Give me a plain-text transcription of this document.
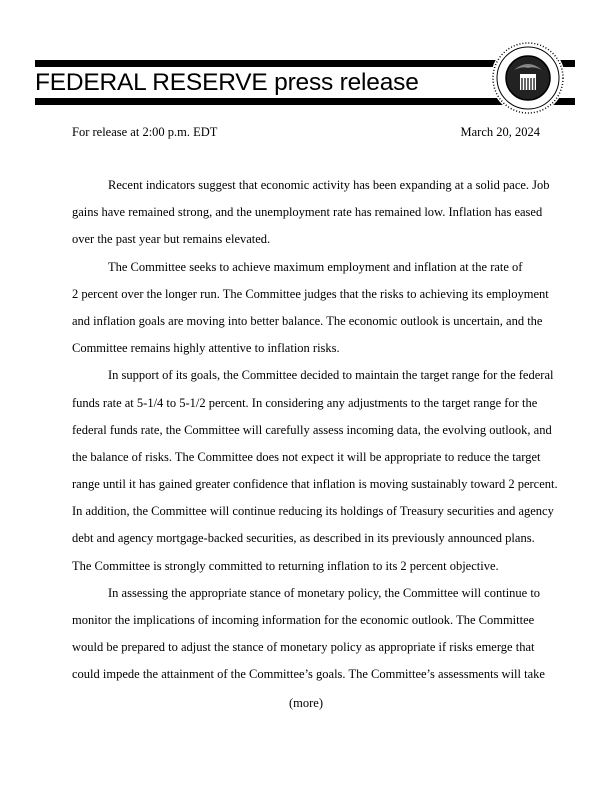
FEDERAL RESERVE press release
For release at 2:00 p.m. EDT	March 20, 2024
Recent indicators suggest that economic activity has been expanding at a solid pace. Job
gains have remained strong, and the unemployment rate has remained low. Inflation has eased
over the past year but remains elevated.
The Committee seeks to achieve maximum employment and inflation at the rate of
2 percent over the longer run. The Committee judges that the risks to achieving its employment
and inflation goals are moving into better balance. The economic outlook is uncertain, and the
Committee remains highly attentive to inflation risks.
In support of its goals, the Committee decided to maintain the target range for the federal
funds rate at 5-1/4 to 5-1/2 percent. In considering any adjustments to the target range for the
federal funds rate, the Committee will carefully assess incoming data, the evolving outlook, and
the balance of risks. The Committee does not expect it will be appropriate to reduce the target
range until it has gained greater confidence that inflation is moving sustainably toward 2 percent.
In addition, the Committee will continue reducing its holdings of Treasury securities and agency
debt and agency mortgage-backed securities, as described in its previously announced plans.
The Committee is strongly committed to returning inflation to its 2 percent objective.
In assessing the appropriate stance of monetary policy, the Committee will continue to
monitor the implications of incoming information for the economic outlook. The Committee
would be prepared to adjust the stance of monetary policy as appropriate if risks emerge that
could impede the attainment of the Committee’s goals. The Committee’s assessments will take
(more)
